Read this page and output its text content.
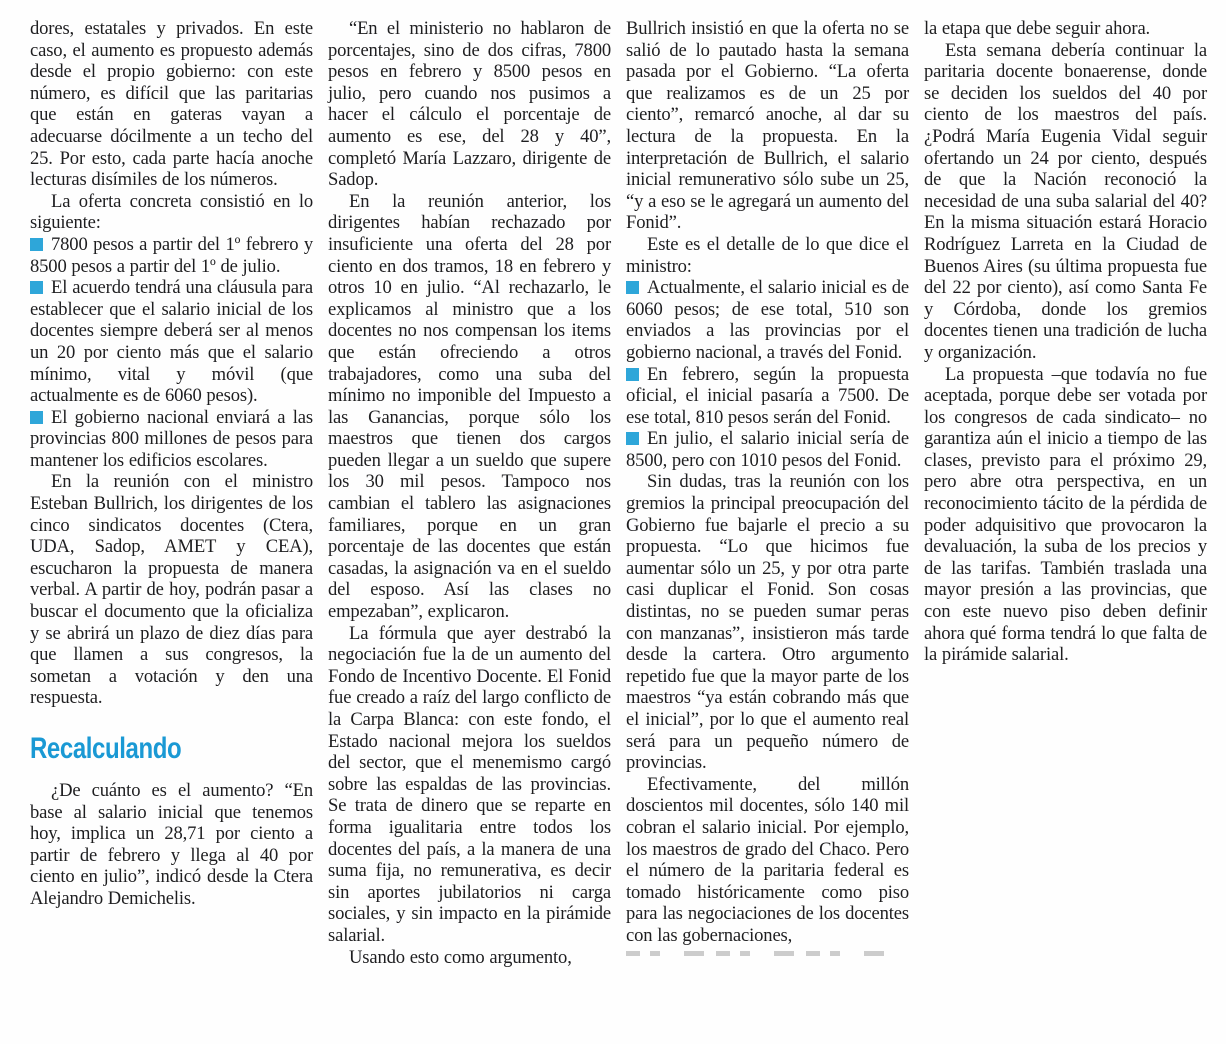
dores, estatales y privados. En este caso, el aumento es propuesto además desde el propio gobierno: con este número, es difícil que las paritarias que están en gateras vayan a adecuarse dócilmente a un techo del 25. Por esto, cada parte hacía anoche lecturas disímiles de los números.

La oferta concreta consistió en lo siguiente:

7800 pesos a partir del 1º febrero y 8500 pesos a partir del 1º de julio.
El acuerdo tendrá una cláusula para establecer que el salario inicial de los docentes siempre deberá ser al menos un 20 por ciento más que el salario mínimo, vital y móvil (que actualmente es de 6060 pesos).
El gobierno nacional enviará a las provincias 800 millones de pesos para mantener los edificios escolares.

En la reunión con el ministro Esteban Bullrich, los dirigentes de los cinco sindicatos docentes (Ctera, UDA, Sadop, AMET y CEA), escucharon la propuesta de manera verbal. A partir de hoy, podrán pasar a buscar el documento que la oficializa y se abrirá un plazo de diez días para que llamen a sus congresos, la sometan a votación y den una respuesta.

Recalculando

¿De cuánto es el aumento? “En base al salario inicial que tenemos hoy, implica un 28,71 por ciento a partir de febrero y llega al 40 por ciento en julio”, indicó desde la Ctera Alejandro Demichelis.

“En el ministerio no hablaron de porcentajes, sino de dos cifras, 7800 pesos en febrero y 8500 pesos en julio, pero cuando nos pusimos a hacer el cálculo el porcentaje de aumento es ese, del 28 y 40”, completó María Lazzaro, dirigente de Sadop.

En la reunión anterior, los dirigentes habían rechazado por insuficiente una oferta del 28 por ciento en dos tramos, 18 en febrero y otros 10 en julio. “Al rechazarlo, le explicamos al ministro que a los docentes no nos compensan los items que están ofreciendo a otros trabajadores, como una suba del mínimo no imponible del Impuesto a las Ganancias, porque sólo los maestros que tienen dos cargos pueden llegar a un sueldo que supere los 30 mil pesos. Tampoco nos cambian el tablero las asignaciones familiares, porque en un gran porcentaje de las docentes que están casadas, la asignación va en el sueldo del esposo. Así las clases no empezaban”, explicaron.

La fórmula que ayer destrabó la negociación fue la de un aumento del Fondo de Incentivo Docente. El Fonid fue creado a raíz del largo conflicto de la Carpa Blanca: con este fondo, el Estado nacional mejora los sueldos del sector, que el menemismo cargó sobre las espaldas de las provincias. Se trata de dinero que se reparte en forma igualitaria entre todos los docentes del país, a la manera de una suma fija, no remunerativa, es decir sin aportes jubilatorios ni carga sociales, y sin impacto en la pirámide salarial.

Usando esto como argumento,

Bullrich insistió en que la oferta no se salió de lo pautado hasta la semana pasada por el Gobierno. “La oferta que realizamos es de un 25 por ciento”, remarcó anoche, al dar su lectura de la propuesta. En la interpretación de Bullrich, el salario inicial remunerativo sólo sube un 25, “y a eso se le agregará un aumento del Fonid”.

Este es el detalle de lo que dice el ministro:

Actualmente, el salario inicial es de 6060 pesos; de ese total, 510 son enviados a las provincias por el gobierno nacional, a través del Fonid.
En febrero, según la propuesta oficial, el inicial pasaría a 7500. De ese total, 810 pesos serán del Fonid.
En julio, el salario inicial sería de 8500, pero con 1010 pesos del Fonid.

Sin dudas, tras la reunión con los gremios la principal preocupación del Gobierno fue bajarle el precio a su propuesta. “Lo que hicimos fue aumentar sólo un 25, y por otra parte casi duplicar el Fonid. Son cosas distintas, no se pueden sumar peras con manzanas”, insistieron más tarde desde la cartera. Otro argumento repetido fue que la mayor parte de los maestros “ya están cobrando más que el inicial”, por lo que el aumento real será para un pequeño número de provincias.

Efectivamente, del millón doscientos mil docentes, sólo 140 mil cobran el salario inicial. Por ejemplo, los maestros de grado del Chaco. Pero el número de la paritaria federal es tomado históricamente como piso para las negociaciones de los docentes con las gobernaciones,

la etapa que debe seguir ahora.

Esta semana debería continuar la paritaria docente bonaerense, donde se deciden los sueldos del 40 por ciento de los maestros del país. ¿Podrá María Eugenia Vidal seguir ofertando un 24 por ciento, después de que la Nación reconoció la necesidad de una suba salarial del 40? En la misma situación estará Horacio Rodríguez Larreta en la Ciudad de Buenos Aires (su última propuesta fue del 22 por ciento), así como Santa Fe y Córdoba, donde los gremios docentes tienen una tradición de lucha y organización.

La propuesta –que todavía no fue aceptada, porque debe ser votada por los congresos de cada sindicato– no garantiza aún el inicio a tiempo de las clases, previsto para el próximo 29, pero abre otra perspectiva, en un reconocimiento tácito de la pérdida de poder adquisitivo que provocaron la devaluación, la suba de los precios y de las tarifas. También traslada una mayor presión a las provincias, que con este nuevo piso deben definir ahora qué forma tendrá lo que falta de la pirámide salarial.
